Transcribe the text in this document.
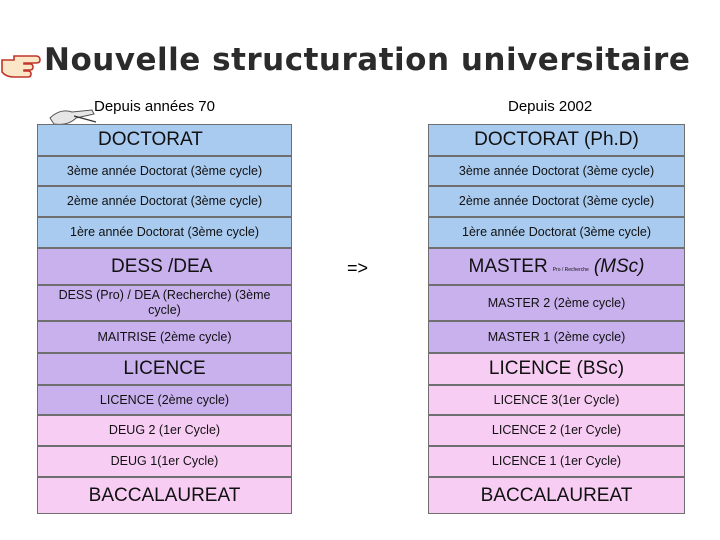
Nouvelle structuration universitaire
Depuis années 70	Depuis 2002
DOCTORAT
3ème année Doctorat (3ème cycle)
2ème année Doctorat (3ème cycle)
1ère année Doctorat (3ème cycle)
DESS /DEA
DESS (Pro) / DEA (Recherche) (3ème cycle)
MAITRISE (2ème cycle)
LICENCE
LICENCE (2ème cycle)
DEUG 2 (1er Cycle)
DEUG 1(1er Cycle)
BACCALAUREAT
=>
DOCTORAT (Ph.D)
3ème année Doctorat (3ème cycle)
2ème année Doctorat (3ème cycle)
1ère année Doctorat (3ème cycle)
MASTER Pro / Recherche (MSc)
MASTER 2 (2ème cycle)
MASTER 1 (2ème cycle)
LICENCE (BSc)
LICENCE 3(1er Cycle)
LICENCE 2 (1er Cycle)
LICENCE 1 (1er Cycle)
BACCALAUREAT
